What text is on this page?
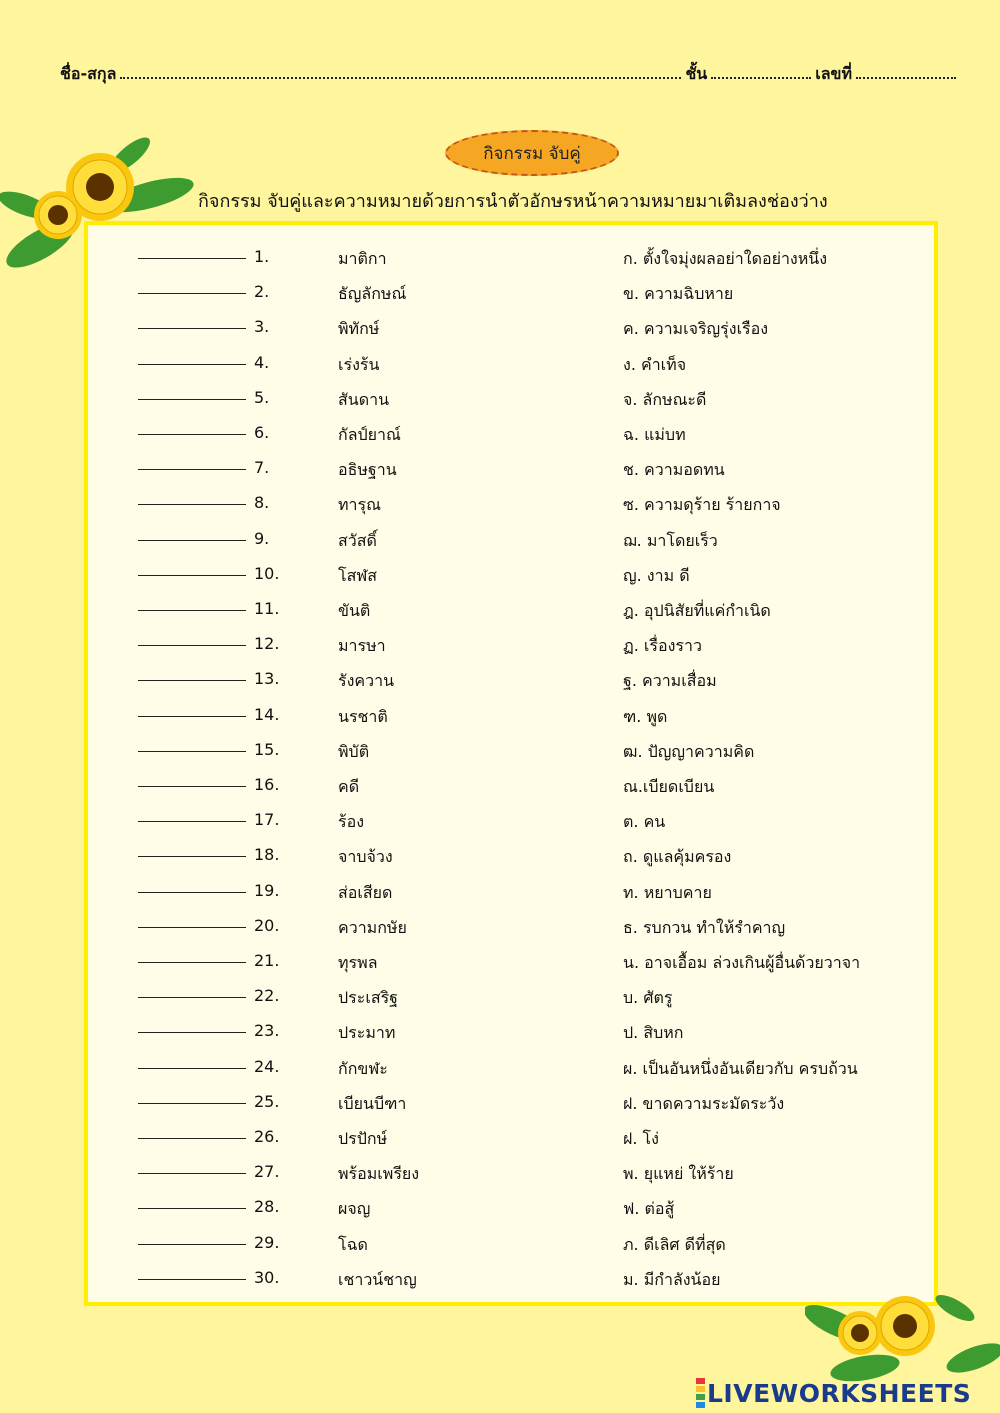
ชื่อ-สกุล	ชั้น	เลขที่
กิจกรรม จับคู่
กิจกรรม จับคู่และความหมายด้วยการนำตัวอักษรหน้าความหมายมาเติมลงช่องว่าง
1.	มาติกา	ก. ตั้งใจมุ่งผลอย่าใดอย่างหนึ่ง
2.	ธัญลักษณ์	ข. ความฉิบหาย
3.	พิทักษ์	ค. ความเจริญรุ่งเรือง
4.	เร่งร้น	ง. คำเท็จ
5.	สันดาน	จ. ลักษณะดี
6.	กัลป์ยาณ์	ฉ. แม่บท
7.	อธิษฐาน	ช. ความอดทน
8.	ทารุณ	ซ. ความดุร้าย ร้ายกาจ
9.	สวัสดิ์	ฌ. มาโดยเร็ว
10.	โสฬส	ญ. งาม ดี
11.	ขันติ	ฎ. อุปนิสัยที่แค่กำเนิด
12.	มารษา	ฏ. เรื่องราว
13.	รังควาน	ฐ. ความเสื่อม
14.	นรชาติ	ฑ. พูด
15.	พิบัติ	ฒ. ปัญญาความคิด
16.	คดี	ณ.เบียดเบียน
17.	ร้อง	ต. คน
18.	จาบจ้วง	ถ. ดูแลคุ้มครอง
19.	ส่อเสียด	ท. หยาบคาย
20.	ความกษัย	ธ. รบกวน ทำให้รำคาญ
21.	ทุรพล	น. อาจเอื้อม ล่วงเกินผู้อื่นด้วยวาจา
22.	ประเสริฐ	บ. ศัตรู
23.	ประมาท	ป. สิบหก
24.	กักขฬะ	ผ. เป็นอันหนึ่งอันเดียวกับ ครบถ้วน
25.	เบียนบีฑา	ฝ. ขาดความระมัดระวัง
26.	ปรปักษ์	ฝ. โง่
27.	พร้อมเพรียง	พ. ยุแหย่ ให้ร้าย
28.	ผจญ	ฟ. ต่อสู้
29.	โฉด	ภ. ดีเลิศ ดีที่สุด
30.	เชาวน์ชาญ	ม. มีกำลังน้อย
LIVEWORKSHEETS
